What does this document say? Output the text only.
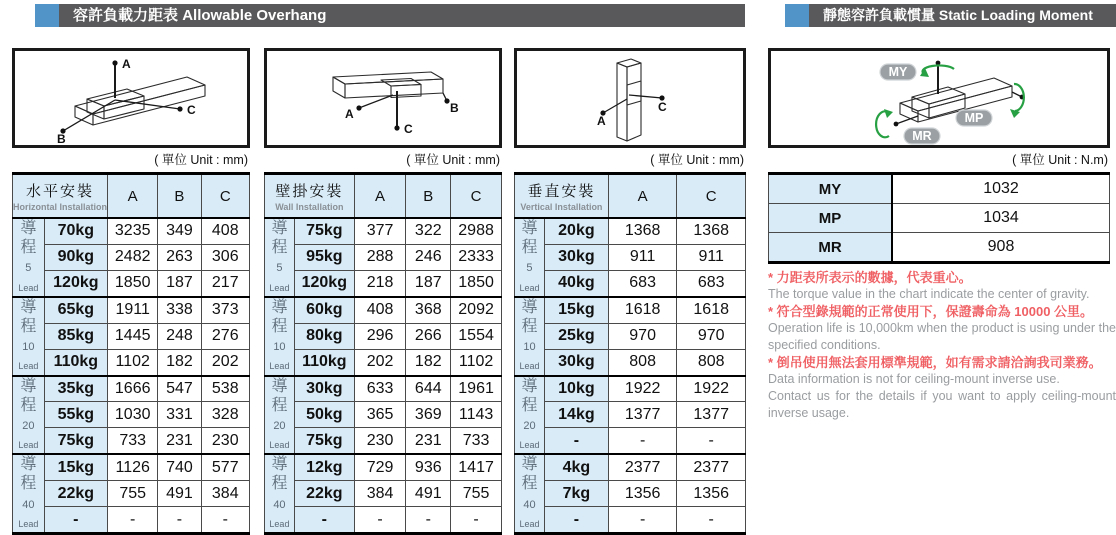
容許負載力距表 Allowable Overhang	靜態容許負載慣量 Static Loading Moment
A
B
C
( 單位 Unit : mm)
水平安裝
Horizontal Installation		A	B	C
導
程
5
Lead	70kg	3235	349	408
	90kg	2482	263	306
	120kg	1850	187	217
導
程
10
Lead	65kg	1911	338	373
	85kg	1445	248	276
	110kg	1102	182	202
導
程
20
Lead	35kg	1666	547	538
	55kg	1030	331	328
	75kg	733	231	230
導
程
40
Lead	15kg	1126	740	577
	22kg	755	491	384
	-	-	-	-
B
A
C
( 單位 Unit : mm)
壁掛安裝
Wall Installation		A	B	C
導
程
5
Lead	75kg	377	322	2988
	95kg	288	246	2333
	120kg	218	187	1850
導
程
10
Lead	60kg	408	368	2092
	80kg	296	266	1554
	110kg	202	182	1102
導
程
20
Lead	30kg	633	644	1961
	50kg	365	369	1143
	75kg	230	231	733
導
程
40
Lead	12kg	729	936	1417
	22kg	384	491	755
	-	-	-	-
A
C
( 單位 Unit : mm)
垂直安裝
Vertical Installation		A	C
導
程
5
Lead	20kg	1368	1368
	30kg	911	911
	40kg	683	683
導
程
10
Lead	15kg	1618	1618
	25kg	970	970
	30kg	808	808
導
程
20
Lead	10kg	1922	1922
	14kg	1377	1377
	-	-	-
導
程
40
Lead	4kg	2377	2377
	7kg	1356	1356
	-	-	-
MY
MP
MR
( 單位 Unit : N.m)
MY	1032
MP	1034
MR	908
* 力距表所表示的數據，代表重心。
The torque value in the chart indicate the center of gravity.
* 符合型錄規範的正常使用下，保證壽命為 10000 公里。
Operation life is 10,000km when the product is using under the specified conditions.
* 倒吊使用無法套用標準規範，如有需求請洽詢我司業務。
Data information is not for ceiling-mount inverse use.
Contact us for the details if you want to apply ceiling-mount inverse usage.
